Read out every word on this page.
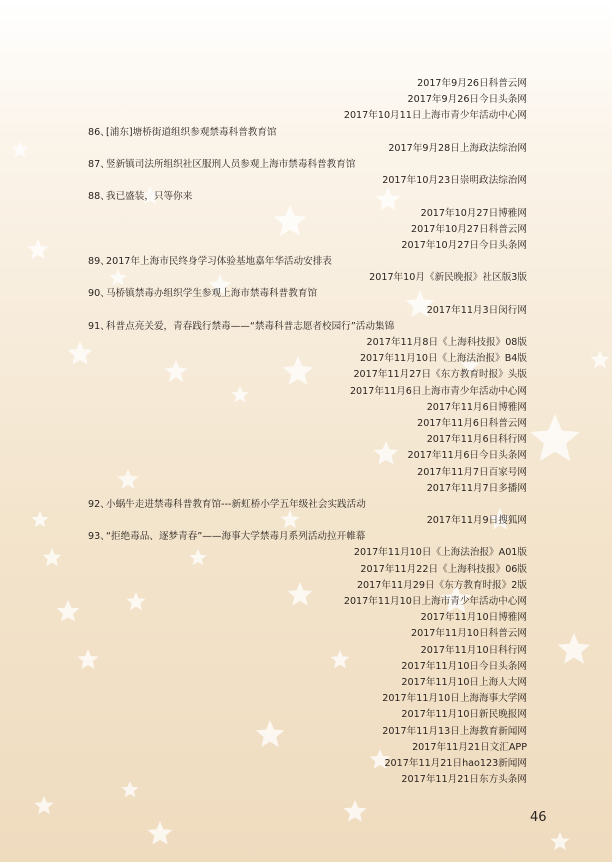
2017年9月26日科普云网
2017年9月26日今日头条网
2017年10月11日上海市青少年活动中心网
86、[浦东]塘桥街道组织参观禁毒科普教育馆
2017年9月28日上海政法综治网
87、竖新镇司法所组织社区服刑人员参观上海市禁毒科普教育馆
2017年10月23日崇明政法综治网
88、我已盛装，只等你来
2017年10月27日博雅网
2017年10月27日科普云网
2017年10月27日今日头条网
89、2017年上海市民终身学习体验基地嘉年华活动安排表
2017年10月《新民晚报》社区版3版
90、马桥镇禁毒办组织学生参观上海市禁毒科普教育馆
2017年11月3日闵行网
91、科普点亮关爱，青春践行禁毒——“禁毒科普志愿者校园行”活动集锦
2017年11月8日《上海科技报》08版
2017年11月10日《上海法治报》B4版
2017年11月27日《东方教育时报》头版
2017年11月6日上海市青少年活动中心网
2017年11月6日博雅网
2017年11月6日科普云网
2017年11月6日科行网
2017年11月6日今日头条网
2017年11月7日百家号网
2017年11月7日多播网
92、小蜗牛走进禁毒科普教育馆---新虹桥小学五年级社会实践活动
2017年11月9日搜狐网
93、“拒绝毒品、逐梦青春”——海事大学禁毒月系列活动拉开帷幕
2017年11月10日《上海法治报》A01版
2017年11月22日《上海科技报》06版
2017年11月29日《东方教育时报》2版
2017年11月10日上海市青少年活动中心网
2017年11月10日博雅网
2017年11月10日科普云网
2017年11月10日科行网
2017年11月10日今日头条网
2017年11月10日上海人大网
2017年11月10日上海海事大学网
2017年11月10日新民晚报网
2017年11月13日上海教育新闻网
2017年11月21日文汇APP
2017年11月21日hao123新闻网
2017年11月21日东方头条网
46
